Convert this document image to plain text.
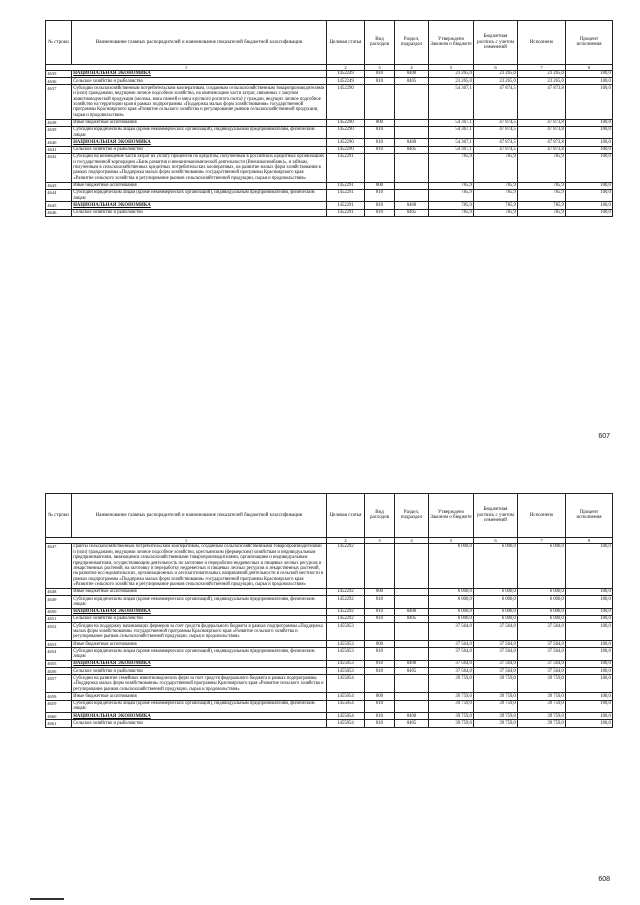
№ строки	Наименование главных распорядителей и наименование показателей бюджетной классификации	Целевая статья	Вид расходов	Раздел, подраздел	Утверждено Законом о бюджете	Бюджетная роспись с учетом изменений	Исполнено	Процент исполнения
1		2	3	4	5	6	7	8
4635	НАЦИОНАЛЬНАЯ ЭКОНОМИКА	1452249	810	0400	23 265,0	23 265,0	23 265,0	100,0
4636	Сельское хозяйство и рыболовство	1452249	810	0405	23 265,0	23 265,0	23 265,0	100,0
4637	Субсидии сельскохозяйственным потребительским кооперативам, созданным сельскохозяйственным товаропроизводителями и (или) гражданами, ведущими личное подсобное хозяйство, на компенсацию части затрат, связанных с закупом животноводческой продукции (молока, мяса свиней и мяса крупного рогатого скота) у граждан, ведущих личное подсобное хозяйство на территории края в рамках подпрограммы «Поддержка малых форм хозяйствования» государственной программы Красноярского края «Развитие сельского хозяйства и регулирование рынков сельскохозяйственной продукции, сырья и продовольствия»	1452290			54 367,1	47 874,5	47 873,8	100,0
4638	Иные бюджетные ассигнования	1452290	800		54 367,1	47 874,5	47 873,8	100,0
4639	Субсидии юридическим лицам (кроме некоммерческих организаций), индивидуальным предпринимателям, физическим лицам	1452290	810		54 367,1	47 874,5	47 873,8	100,0
4640	НАЦИОНАЛЬНАЯ ЭКОНОМИКА	1452290	810	0400	54 367,1	47 874,5	47 873,8	100,0
4641	Сельское хозяйство и рыболовство	1452290	810	0405	54 367,1	47 874,5	47 873,8	100,0
4642	Субсидии на возмещение части затрат на уплату процентов по кредитам, полученным в российских кредитных организациях и государственной корпорации «Банк развития и внешнеэкономической деятельности (Внешэкономбанк)», и займам, полученным в сельскохозяйственных кредитных потребительских кооперативах, на развитие малых форм хозяйствования в рамках подпрограммы «Поддержка малых форм хозяйствования» государственной программы Красноярского края «Развитие сельского хозяйства и регулирование рынков сельскохозяйственной продукции, сырья и продовольствия»	1452291			785,9	785,9	785,9	100,0
4643	Иные бюджетные ассигнования	1452291	800		785,9	785,9	785,9	100,0
4644	Субсидии юридическим лицам (кроме некоммерческих организаций), индивидуальным предпринимателям, физическим лицам	1452291	810		785,9	785,9	785,9	100,0
4645	НАЦИОНАЛЬНАЯ ЭКОНОМИКА	1452291	810	0400	785,9	785,9	785,9	100,0
4646	Сельское хозяйство и рыболовство	1452291	810	0405	785,9	785,9	785,9	100,0
607
№ строки	Наименование главных распорядителей и наименование показателей бюджетной классификации	Целевая статья	Вид расходов	Раздел, подраздел	Утверждено Законом о бюджете	Бюджетная роспись с учетом изменений	Исполнено	Процент исполнения
1		2	3	4	5	6	7	8
4647	Гранты сельскохозяйственным потребительским кооперативам, созданным сельскохозяйственными товаропроизводителями и (или) гражданами, ведущими личное подсобное хозяйство, крестьянским (фермерским) хозяйствам и индивидуальным предпринимателям, являющимся сельскохозяйственными товаропроизводителями, организациям и индивидуальным предпринимателям, осуществляющим деятельность по заготовке и переработке недревесных и пищевых лесных ресурсов и лекарственных растений, на заготовку и переработку недревесных и пищевых лесных ресурсов и лекарственных растений, на развитие исследовательских, организационных и лесозаготовительных направлений деятельности в сельской местности в рамках подпрограммы «Поддержка малых форм хозяйствования» государственной программы Красноярского края «Развитие сельского хозяйства и регулирование рынков сельскохозяйственной продукции, сырья и продовольствия»	1452292			6 000,0	6 000,0	6 000,0	100,0
4648	Иные бюджетные ассигнования	1452292	800		6 000,0	6 000,0	6 000,0	100,0
4649	Субсидии юридическим лицам (кроме некоммерческих организаций), индивидуальным предпринимателям, физическим лицам	1452292	810		6 000,0	6 000,0	6 000,0	100,0
4650	НАЦИОНАЛЬНАЯ ЭКОНОМИКА	1452292	810	0400	6 000,0	6 000,0	6 000,0	100,0
4651	Сельское хозяйство и рыболовство	1452292	810	0405	6 000,0	6 000,0	6 000,0	100,0
4652	Субсидии на поддержку начинающих фермеров за счет средств федерального бюджета в рамках подпрограммы «Поддержка малых форм хозяйствования» государственной программы Красноярского края «Развитие сельского хозяйства и регулирование рынков сельскохозяйственной продукции, сырья и продовольствия»	1455053			37 564,0	37 564,0	37 564,0	100,0
4653	Иные бюджетные ассигнования	1455053	800		37 564,0	37 564,0	37 564,0	100,0
4654	Субсидии юридическим лицам (кроме некоммерческих организаций), индивидуальным предпринимателям, физическим лицам	1455053	810		37 564,0	37 564,0	37 564,0	100,0
4655	НАЦИОНАЛЬНАЯ ЭКОНОМИКА	1455053	810	0400	37 564,0	37 564,0	37 564,0	100,0
4656	Сельское хозяйство и рыболовство	1455053	810	0405	37 564,0	37 564,0	37 564,0	100,0
4657	Субсидии на развитие семейных животноводческих ферм за счет средств федерального бюджета в рамках подпрограммы «Поддержка малых форм хозяйствования» государственной программы Красноярского края «Развитие сельского хозяйства и регулирование рынков сельскохозяйственной продукции, сырья и продовольствия»	1455054			39 759,0	39 759,0	39 759,0	100,0
4658	Иные бюджетные ассигнования	1455054	800		39 759,0	39 759,0	39 759,0	100,0
4659	Субсидии юридическим лицам (кроме некоммерческих организаций), индивидуальным предпринимателям, физическим лицам	1455054	810		39 759,0	39 759,0	39 759,0	100,0
4660	НАЦИОНАЛЬНАЯ ЭКОНОМИКА	1455054	810	0400	39 759,0	39 759,0	39 759,0	100,0
4661	Сельское хозяйство и рыболовство	1455054	810	0405	39 759,0	39 759,0	39 759,0	100,0
608
